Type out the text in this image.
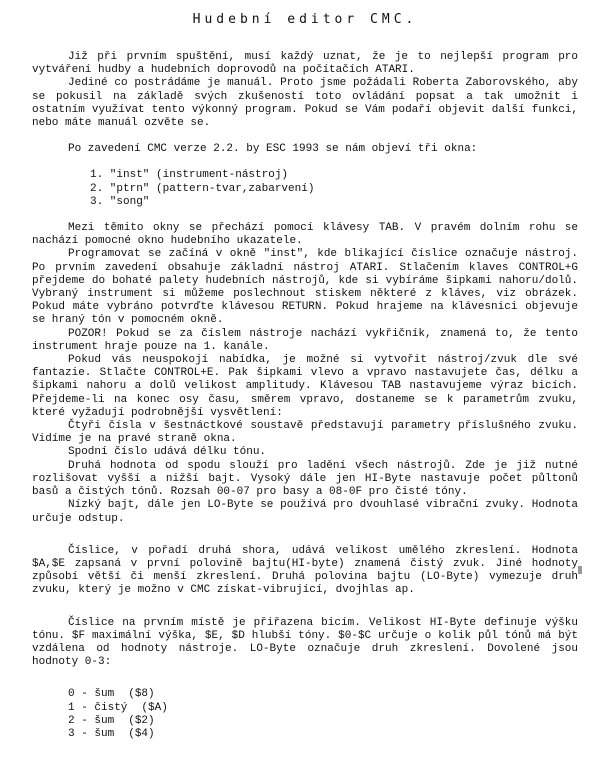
Hudební editor CMC.

Již při prvním spuštění, musí každý uznat, že je to nejlepší program pro vytváření hudby a hudebních doprovodů na počítačích ATARI.

Jediné co postrádáme je manuál. Proto jsme požádali Roberta Zaborovského, aby se pokusil na základě svých zkušeností toto ovládání popsat a tak umožnit i ostatním využívat tento výkonný program. Pokud se Vám podaří objevit další funkci, nebo máte manuál ozvěte se.

Po zavedení CMC verze 2.2. by ESC 1993 se nám objeví tři okna:

1. "inst" (instrument-nástroj)
2. "ptrn" (pattern-tvar,zabarvení)
3. "song"

Mezi těmito okny se přechází pomocí klávesy TAB. V pravém dolním rohu se nachází pomocné okno hudebního ukazatele.

Programovat se začíná v okně "inst", kde blikající číslice označuje nástroj. Po prvním zavedení obsahuje základní nástroj ATARI. Stlačením klaves CONTROL+G přejdeme do bohaté palety hudebních nástrojů, kde si vybíráme šipkami nahoru/dolů. Vybraný instrument si můžeme poslechnout stiskem některé z kláves, viz obrázek. Pokud máte vybráno potvrďte klávesou RETURN. Pokud hrajeme na klávesnici objevuje se hraný tón v pomocném okně.

POZOR! Pokud se za číslem nástroje nachází vykřičník, znamená to, že tento instrument hraje pouze na 1. kanále.

Pokud vás neuspokojí nabídka, je možné si vytvořit nástroj/zvuk dle své fantazie. Stlačte CONTROL+E. Pak šipkami vlevo a vpravo nastavujete čas, délku a šipkami nahoru a dolů velikost amplitudy. Klávesou TAB nastavujeme výraz bicích. Přejdeme-li na konec osy času, směrem vpravo, dostaneme se k parametrům zvuku, které vyžadují podrobnější vysvětlení:

Čtyři čísla v šestnáctkové soustavě představují parametry příslušného zvuku. Vidíme je na pravé straně okna.

Spodní číslo udává délku tónu.

Druhá hodnota od spodu slouží pro ladění všech nástrojů. Zde je již nutné rozlišovat vyšší a nižší bajt. Vysoký dále jen HI-Byte nastavuje počet půltonů basů a čistých tónů. Rozsah 00-07 pro basy a 08-0F pro čisté tóny.

Nízký bajt, dále jen LO-Byte se používá pro dvouhlasé vibrační zvuky. Hodnota určuje odstup.

Číslice, v pořadí druhá shora, udává velikost umělého zkreslení. Hodnota $A,$E zapsaná v první polovině bajtu(HI-byte) znamená čistý zvuk. Jiné hodnoty způsobí větší či menší zkreslení. Druhá polovina bajtu (LO-Byte) vymezuje druh zvuku, který je možno v CMC získat-vibrující, dvojhlas ap.

Číslice na prvním místě je přiřazena bicím. Velikost HI-Byte definuje výšku tónu. $F maximální výška, $E, $D hlubší tóny. $0-$C určuje o kolik půl tónů má být vzdálena od hodnoty nástroje. LO-Byte označuje druh zkreslení. Dovolené jsou hodnoty 0-3:

0 - šum ($8)
1 - čistý ($A)
2 - šum ($2)
3 - šum ($4)
